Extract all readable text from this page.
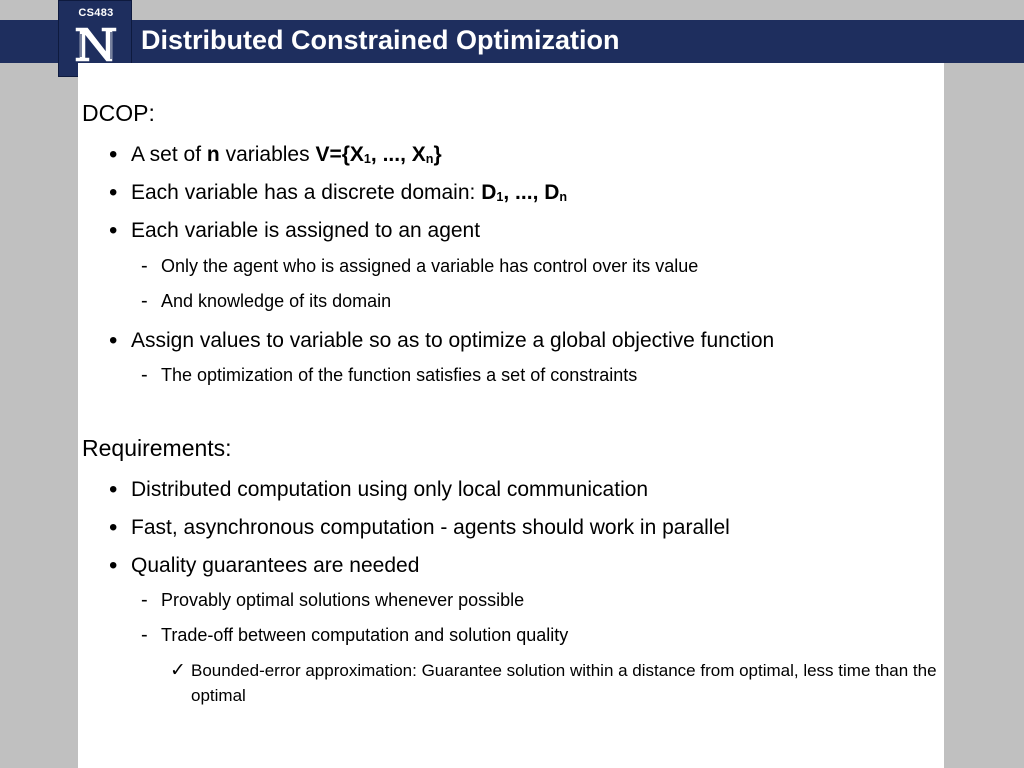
CS483
Distributed Constrained Optimization
DCOP:
• A set of n variables $V=\{X_1$, ..., $X_n$}
• Each variable has a discrete domain: $D_1$, ..., $D_n$
• Each variable is assigned to an agent
- Only the agent who is assigned a variable has control over its value
- And knowledge of its domain
• Assign values to variable so as to optimize a global objective function
- The optimization of the function satisfies a set of constraints
Requirements:
• Distributed computation using only local communication
• Fast, asynchronous computation - agents should work in parallel
• Quality guarantees are needed
- Provably optimal solutions whenever possible
- Trade-off between computation and solution quality
✓ Bounded-error approximation: Guarantee solution within a distance from optimal, less time than the optimal
